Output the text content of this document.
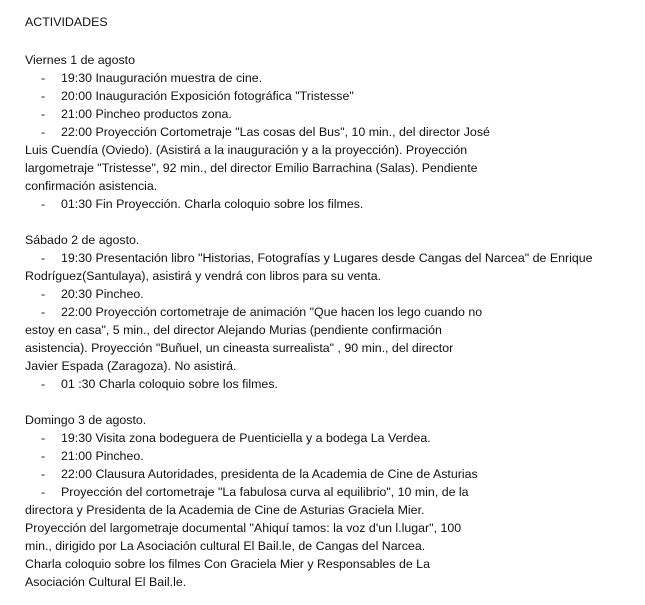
ACTIVIDADES
Viernes 1 de agosto
- 19:30 Inauguración muestra de cine.
- 20:00 Inauguración Exposición fotográfica "Tristesse"
- 21:00 Pincheo productos zona.
- 22:00 Proyección Cortometraje "Las cosas del Bus", 10 min., del director José
Luis Cuendía (Oviedo). (Asistirá a la inauguración y a la proyección). Proyección
largometraje "Tristesse", 92 min., del director Emilio Barrachina (Salas). Pendiente
confirmación asistencia.
- 01:30 Fin Proyección. Charla coloquio sobre los filmes.
Sábado 2 de agosto.
- 19:30 Presentación libro "Historias, Fotografías y Lugares desde Cangas del Narcea" de Enrique
Rodríguez(Santulaya), asistirá y vendrá con libros para su venta.
- 20:30 Pincheo.
- 22:00 Proyección cortometraje de animación "Que hacen los lego cuando no
estoy en casa", 5 min., del director Alejando Murias (pendiente confirmación
asistencia). Proyección "Buñuel, un cineasta surrealista" , 90 min., del director
Javier Espada (Zaragoza). No asistirá.
- 01 :30 Charla coloquio sobre los filmes.
Domingo 3 de agosto.
- 19:30 Visita zona bodeguera de Puenticiella y a bodega La Verdea.
- 21:00 Pincheo.
- 22:00 Clausura Autoridades, presidenta de la Academia de Cine de Asturias
- Proyección del cortometraje "La fabulosa curva al equilibrio", 10 min, de la
directora y Presidenta de la Academia de Cine de Asturias Graciela Mier.
Proyección del largometraje documental "Ahiquí tamos: la voz d'un l.lugar", 100
min., dirigido por La Asociación cultural El Bail.le, de Cangas del Narcea.
Charla coloquio sobre los filmes Con Graciela Mier y Responsables de La
Asociación Cultural El Bail.le.
